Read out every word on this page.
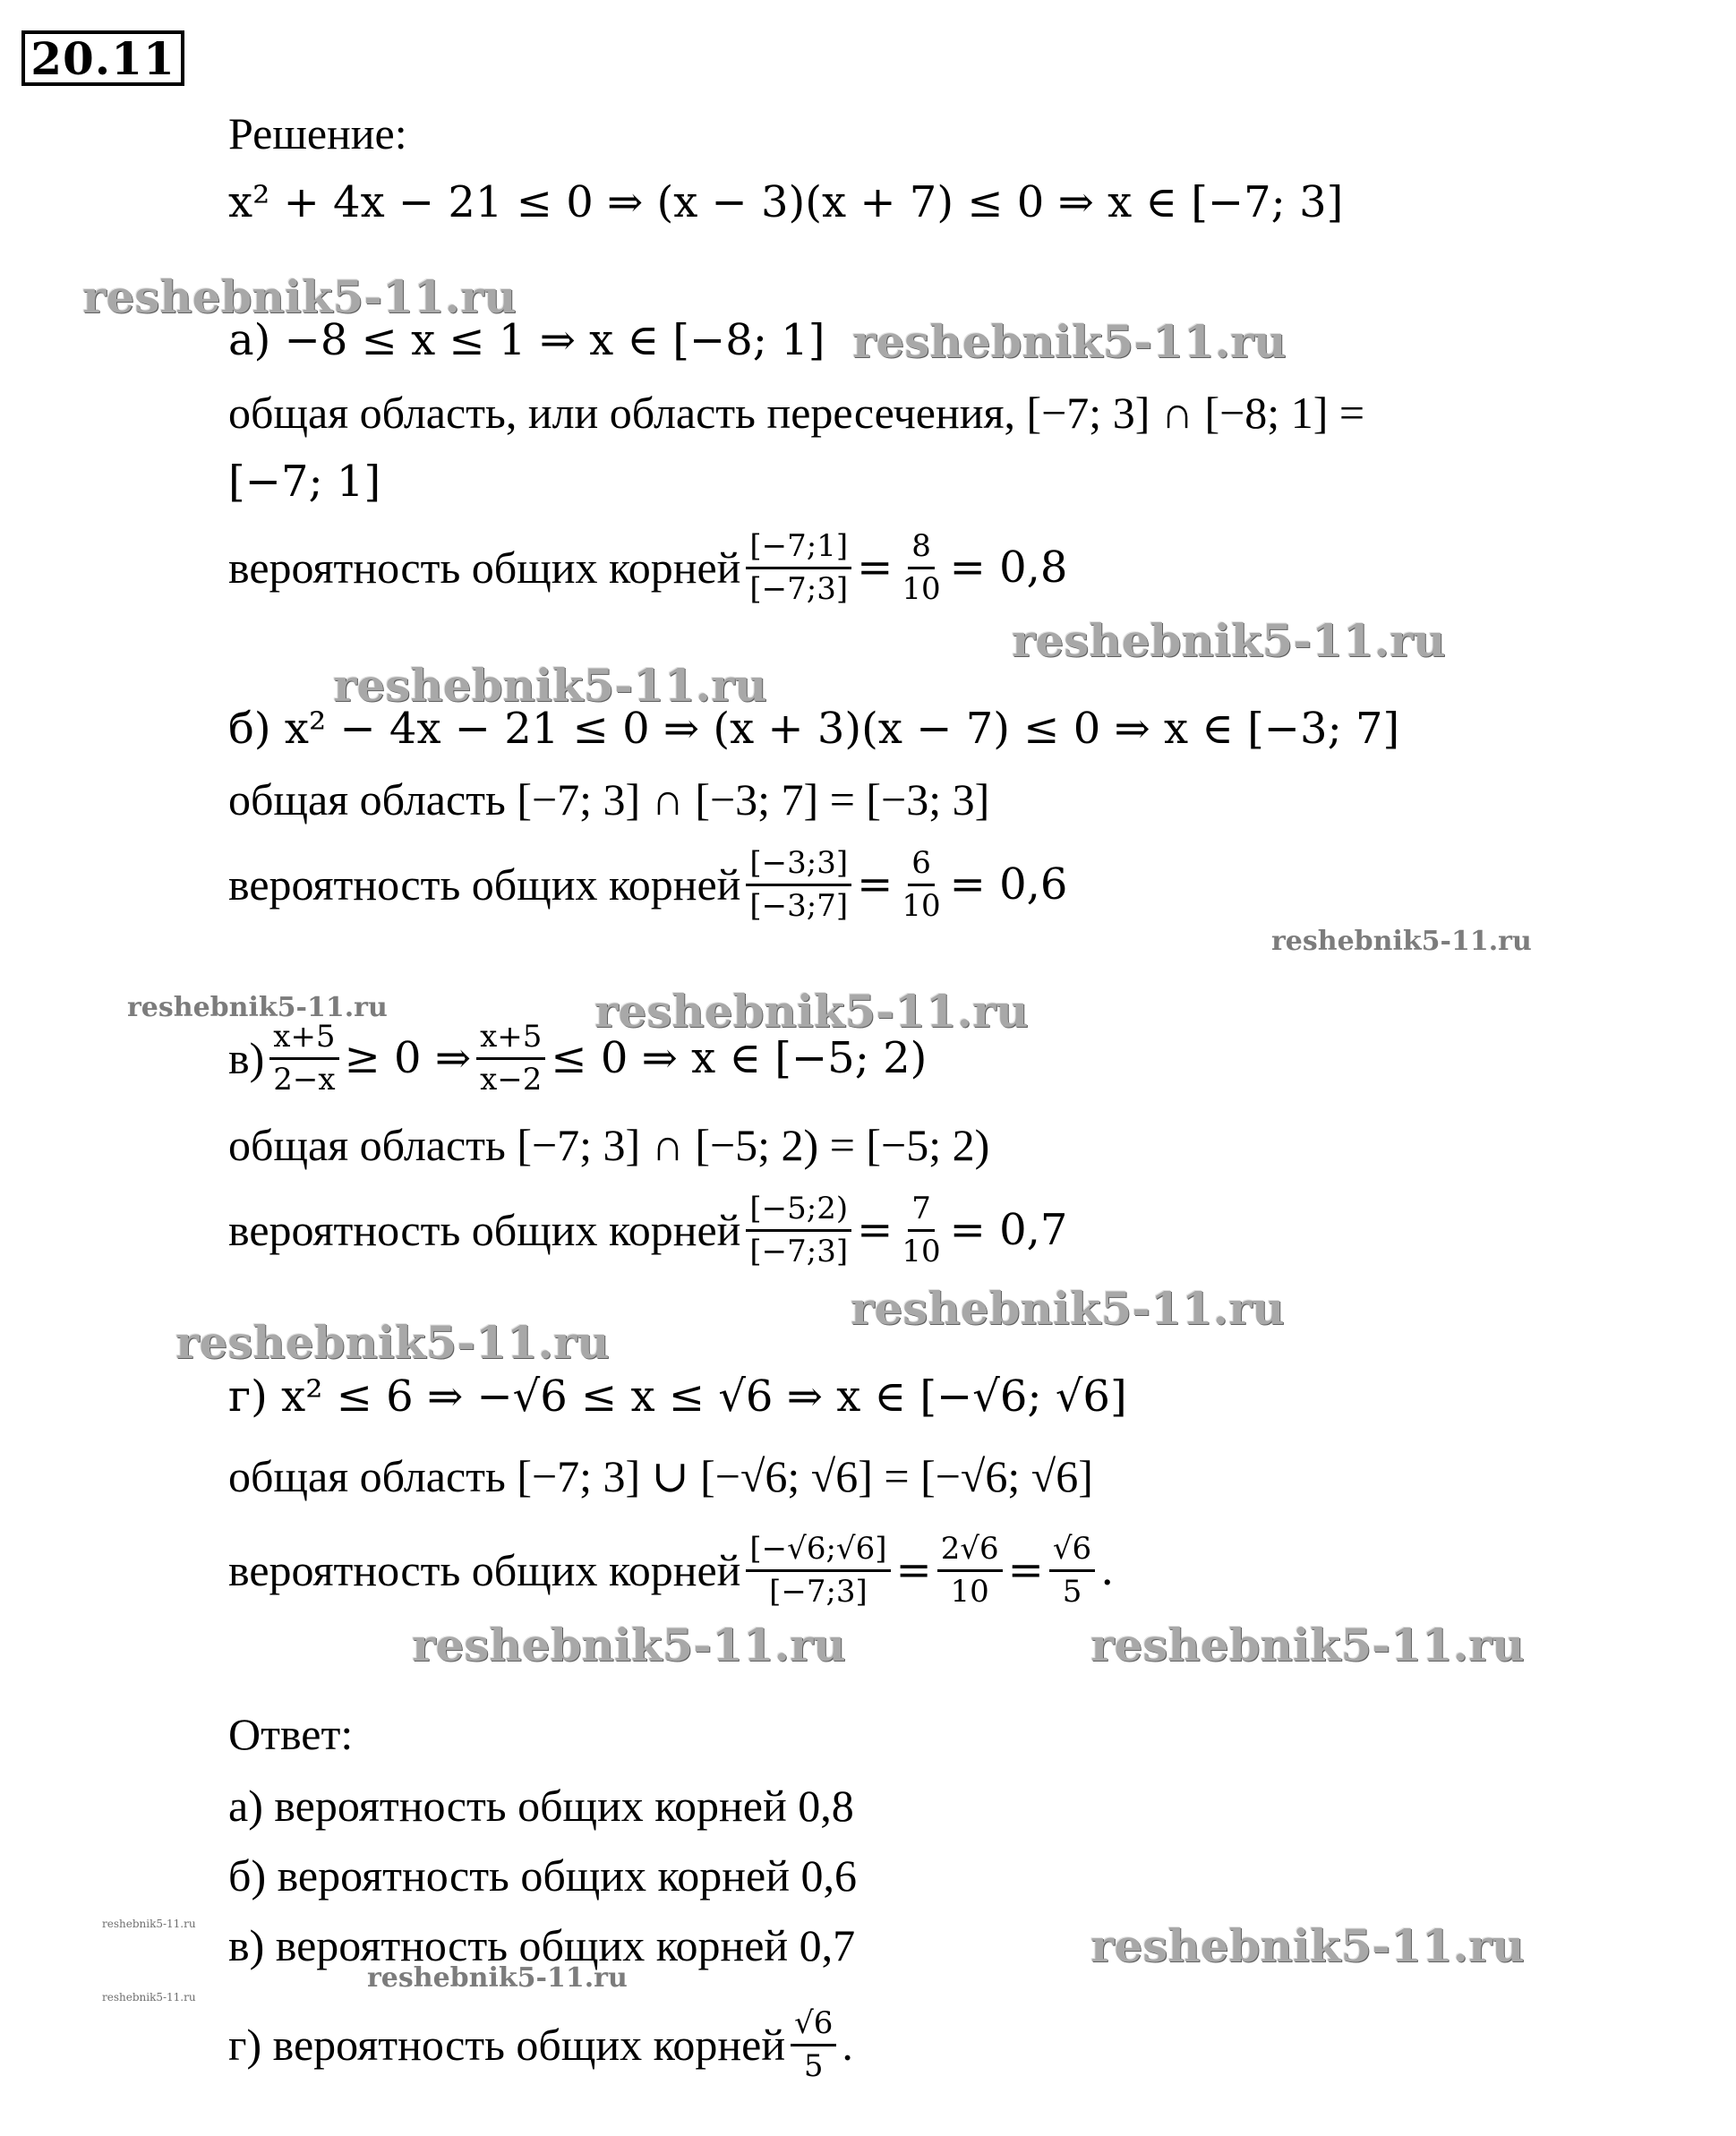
20.11
Решение:
x² + 4x − 21 ≤ 0 ⇒ (x − 3)(x + 7) ≤ 0 ⇒ x ∈ [−7; 3]
а) −8 ≤ x ≤ 1 ⇒ x ∈ [−8; 1]
общая область, или область пересечения, [−7; 3] ∩ [−8; 1] =
[−7; 1]
вероятность общих корней $\frac{[-7;1]}{[-7;3]} = \frac{8}{10} = 0,8$
б) x² − 4x − 21 ≤ 0 ⇒ (x + 3)(x − 7) ≤ 0 ⇒ x ∈ [−3; 7]
общая область [−7; 3] ∩ [−3; 7] = [−3; 3]
вероятность общих корней $\frac{[-3;3]}{[-3;7]} = \frac{6}{10} = 0,6$
$в) \frac{x+5}{2-x} \ge 0$ ⇒ $\frac{x+5}{x-2} \le 0$ ⇒ x ∈ [−5; 2)
общая область [−7; 3] ∩ [−5; 2) = [−5; 2)
вероятность общих корней $\frac{[-5;2)}{[-7;3]} = \frac{7}{10} = 0,7$
г) x² ≤ 6 ⇒ −√6 ≤ x ≤ √6 ⇒ x ∈ [−√6; √6]
общая область [−7; 3] ∪ [−√6; √6] = [−√6; √6]
вероятность общих корней $\frac{[-√6;√6]}{[-7;3]} = \frac{2√6}{10} = \frac{√6}{5}$ .
Ответ:
а) вероятность общих корней 0,8
б) вероятность общих корней 0,6
в) вероятность общих корней 0,7
г) вероятность общих корней $\frac{√6}{5}$ .
reshebnik5-11.ru
reshebnik5-11.ru
reshebnik5-11.ru
reshebnik5-11.ru
reshebnik5-11.ru
reshebnik5-11.ru	reshebnik5-11.ru
reshebnik5-11.ru
reshebnik5-11.ru
reshebnik5-11.ru	reshebnik5-11.ru
reshebnik5-11.ru
reshebnik5-11.ru
reshebnik5-11.ru
reshebnik5-11.ru
